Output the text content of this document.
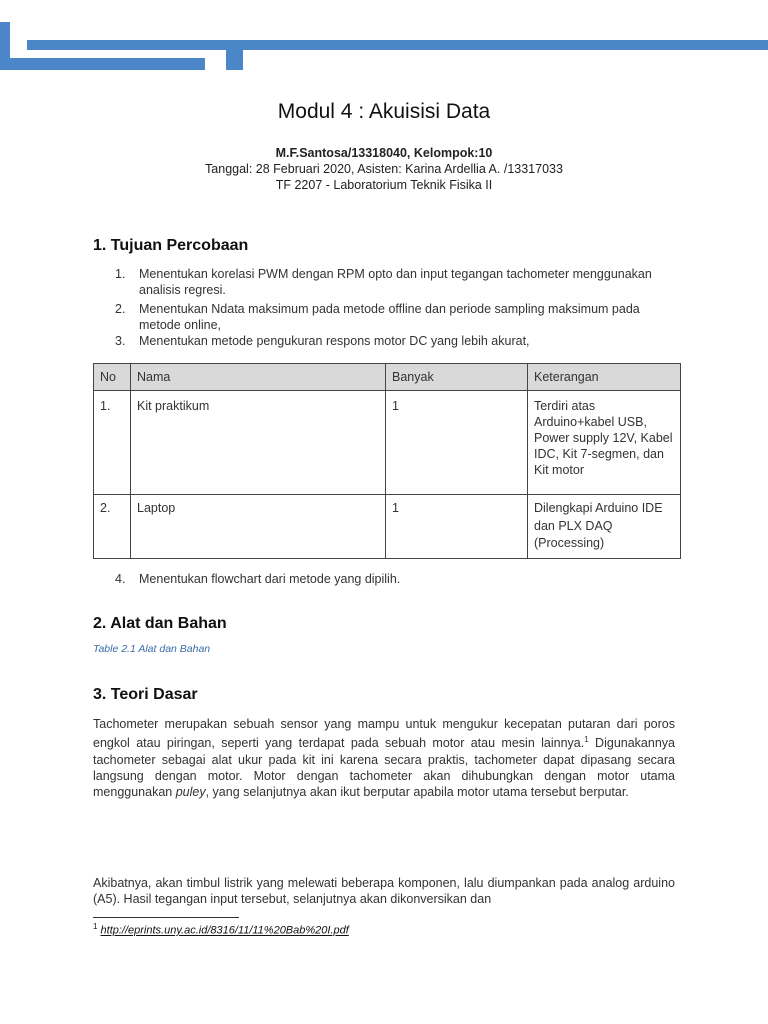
Modul 4 : Akuisisi Data
M.F.Santosa/13318040, Kelompok:10
Tanggal: 28 Februari 2020, Asisten: Karina Ardellia A. /13317033
TF 2207 - Laboratorium Teknik Fisika II
1. Tujuan Percobaan
1. Menentukan korelasi PWM dengan RPM opto dan input tegangan tachometer menggunakan analisis regresi.
2. Menentukan Ndata maksimum pada metode offline dan periode sampling maksimum pada metode online,
3. Menentukan metode pengukuran respons motor DC yang lebih akurat,
No	Nama	Banyak	Keterangan
1.	Kit praktikum	1	Terdiri atas Arduino+kabel USB, Power supply 12V, Kabel IDC, Kit 7-segmen, dan Kit motor
2.	Laptop	1	Dilengkapi Arduino IDE dan PLX DAQ (Processing)
4. Menentukan flowchart dari metode yang dipilih.
2. Alat dan Bahan
Table 2.1 Alat dan Bahan
3. Teori Dasar
Tachometer merupakan sebuah sensor yang mampu untuk mengukur kecepatan putaran dari poros engkol atau piringan, seperti yang terdapat pada sebuah motor atau mesin lainnya.$^1$ Digunakannya tachometer sebagai alat ukur pada kit ini karena secara praktis, tachometer dapat dipasang secara langsung dengan motor. Motor dengan tachometer akan dihubungkan dengan motor utama menggunakan puley, yang selanjutnya akan ikut berputar apabila motor utama tersebut berputar.
Akibatnya, akan timbul listrik yang melewati beberapa komponen, lalu diumpankan pada analog arduino (A5). Hasil tegangan input tersebut, selanjutnya akan dikonversikan dan
$^1$ http://eprints.uny.ac.id/8316/11/11%20Bab%20I.pdf
